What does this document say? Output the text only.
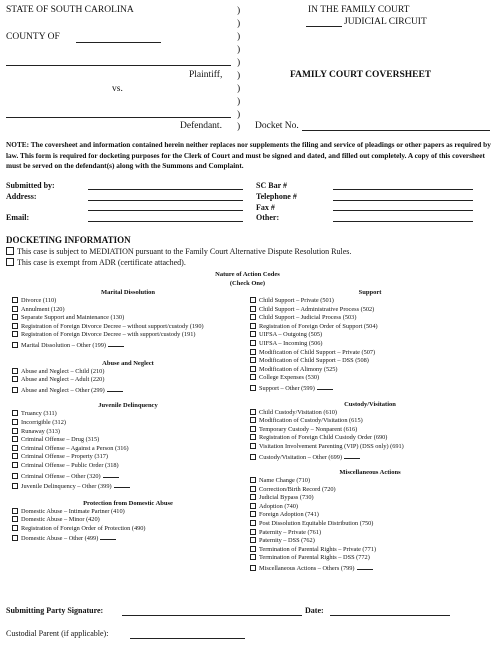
STATE OF SOUTH CAROLINA
COUNTY OF
Plaintiff,
vs.
Defendant.
)
)
)
)
)
)
)
)
)
)
IN THE FAMILY COURT
JUDICIAL CIRCUIT
FAMILY COURT COVERSHEET
Docket No.
NOTE: The coversheet and information contained herein neither replaces nor supplements the filing and service of pleadings or other papers as required by law. This form is required for docketing purposes for the Clerk of Court and must be signed and dated, and filled out completely. A copy of this coversheet must be served on the defendant(s) along with the Summons and Complaint.
Submitted by:
Address:
Email:
SC Bar #
Telephone #
Fax #
Other:
DOCKETING INFORMATION
This case is subject to MEDIATION pursuant to the Family Court Alternative Dispute Resolution Rules.
This case is exempt from ADR (certificate attached).
Nature of Action Codes
(Check One)
Marital Dissolution
Divorce (110)
Annulment (120)
Separate Support and Maintenance (130)
Registration of Foreign Divorce Decree – without support/custody (190)
Registration of Foreign Divorce Decree – with support/custody (191)
Marital Dissolution – Other (199)
Abuse and Neglect
Abuse and Neglect – Child (210)
Abuse and Neglect – Adult (220)
Abuse and Neglect – Other (299)
Juvenile Delinquency
Truancy (311)
Incorrigible (312)
Runaway (313)
Criminal Offense – Drug (315)
Criminal Offense – Against a Person (316)
Criminal Offense – Property (317)
Criminal Offense – Public Order (318)
Criminal Offense – Other (320)
Juvenile Delinquency – Other (399)
Protection from Domestic Abuse
Domestic Abuse – Intimate Partner (410)
Domestic Abuse – Minor (420)
Registration of Foreign Order of Protection (490)
Domestic Abuse – Other (499)
Support
Child Support – Private (501)
Child Support – Administrative Process (502)
Child Support – Judicial Process (503)
Registration of Foreign Order of Support (504)
UIFSA – Outgoing (505)
UIFSA – Incoming (506)
Modification of Child Support – Private (507)
Modification of Child Support – DSS (508)
Modification of Alimony (525)
College Expenses (530)
Support – Other (599)
Custody/Visitation
Child Custody/Visitation (610)
Modification of Custody/Visitation (615)
Temporary Custody – Nonparent (616)
Registration of Foreign Child Custody Order (690)
Visitation Involvement Parenting (VIP) (DSS only) (691)
Custody/Visitation – Other (699)
Miscellaneous Actions
Name Change (710)
Correction/Birth Record (720)
Judicial Bypass (730)
Adoption (740)
Foreign Adoption (741)
Post Dissolution Equitable Distribution (750)
Paternity – Private (761)
Paternity – DSS (762)
Termination of Parental Rights – Private (771)
Termination of Parental Rights – DSS (772)
Miscellaneous Actions – Others (799)
Submitting Party Signature:	Date:
Custodial Parent (if applicable):
